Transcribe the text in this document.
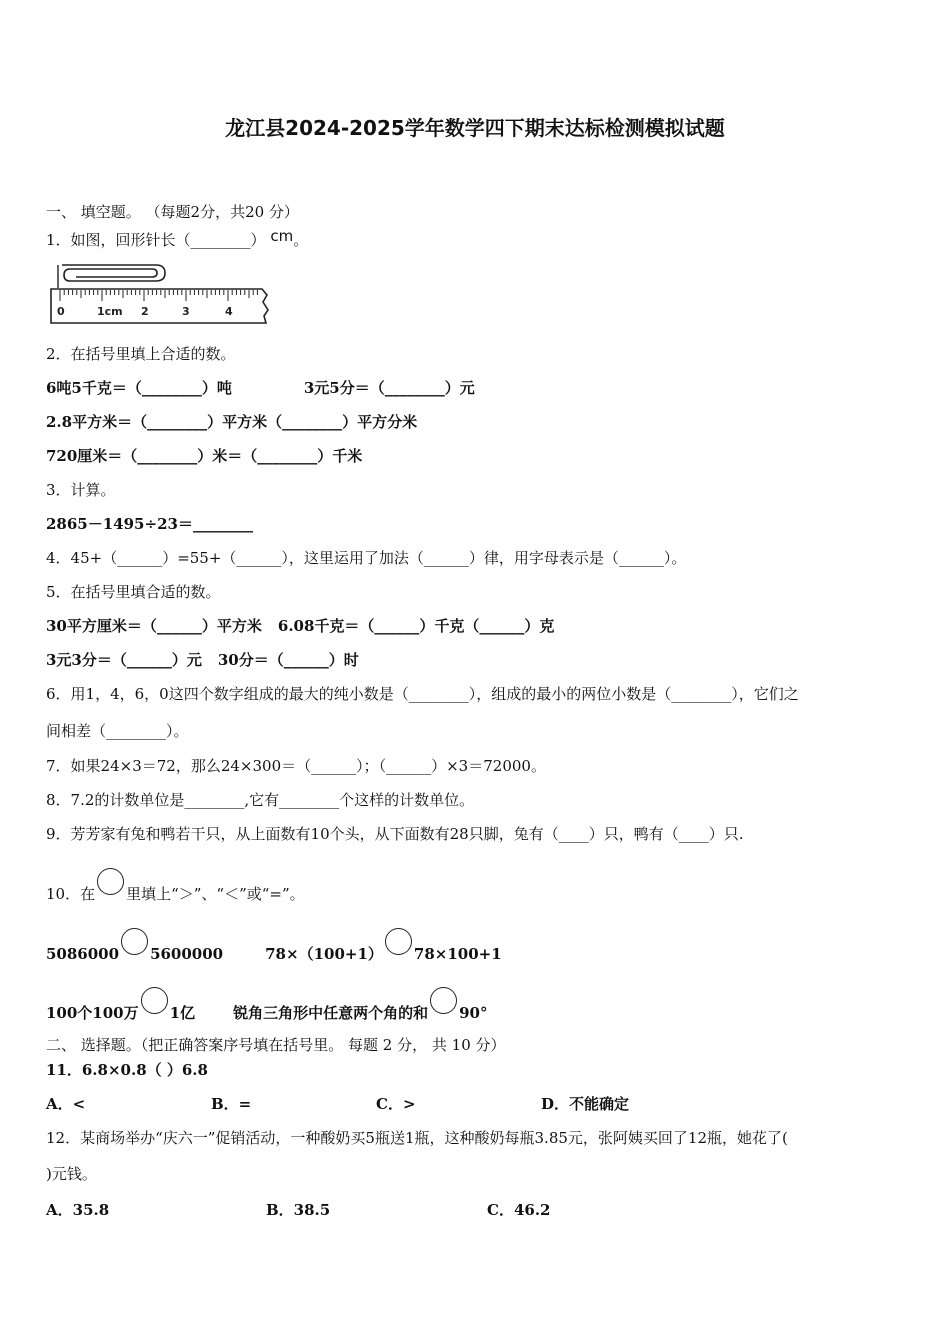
龙江县2024-2025学年数学四下期末达标检测模拟试题
一、 填空题。 （每题2分，共20 分）
1．如图，回形针长（________） cm。
0	1cm 2	3	4
2．在括号里填上合适的数。
6吨5千克＝（________）吨	3元5分＝（________）元
2.8平方米＝（________）平方米（________）平方分米
720厘米＝（________）米＝（________）千米
3．计算。
2865－1495÷23＝________
4．45+（______）=55+（______），这里运用了加法（______）律，用字母表示是（______）。
5．在括号里填合适的数。
30平方厘米＝（______）平方米 6.08千克＝（______）千克（______）克
3元3分＝（______）元 30分＝（______）时
6．用1，4，6，0这四个数字组成的最大的纯小数是（________），组成的最小的两位小数是（________），它们之
间相差（________）。
7．如果24×3＝72，那么24×300＝（______）；（______）×3＝72000。
8．7.2的计数单位是________,它有________个这样的计数单位。
9．芳芳家有兔和鸭若干只，从上面数有10个头，从下面数有28只脚，兔有（____）只，鸭有（____）只.
10．在 里填上“＞”、“＜”或“=”。
5086000 5600000	78×（100+1） 78×100+1
100个100万 1亿	锐角三角形中任意两个角的和 90°
二、 选择题。（把正确答案序号填在括号里。 每题 2 分， 共 10 分）
11．6.8×0.8（ ）6.8
A．<	B．=	C．>	D．不能确定
12．某商场举办“庆六一”促销活动，一种酸奶买5瓶送1瓶，这种酸奶每瓶3.85元，张阿姨买回了12瓶，她花了(
)元钱。
A．35.8	B．38.5	C．46.2
